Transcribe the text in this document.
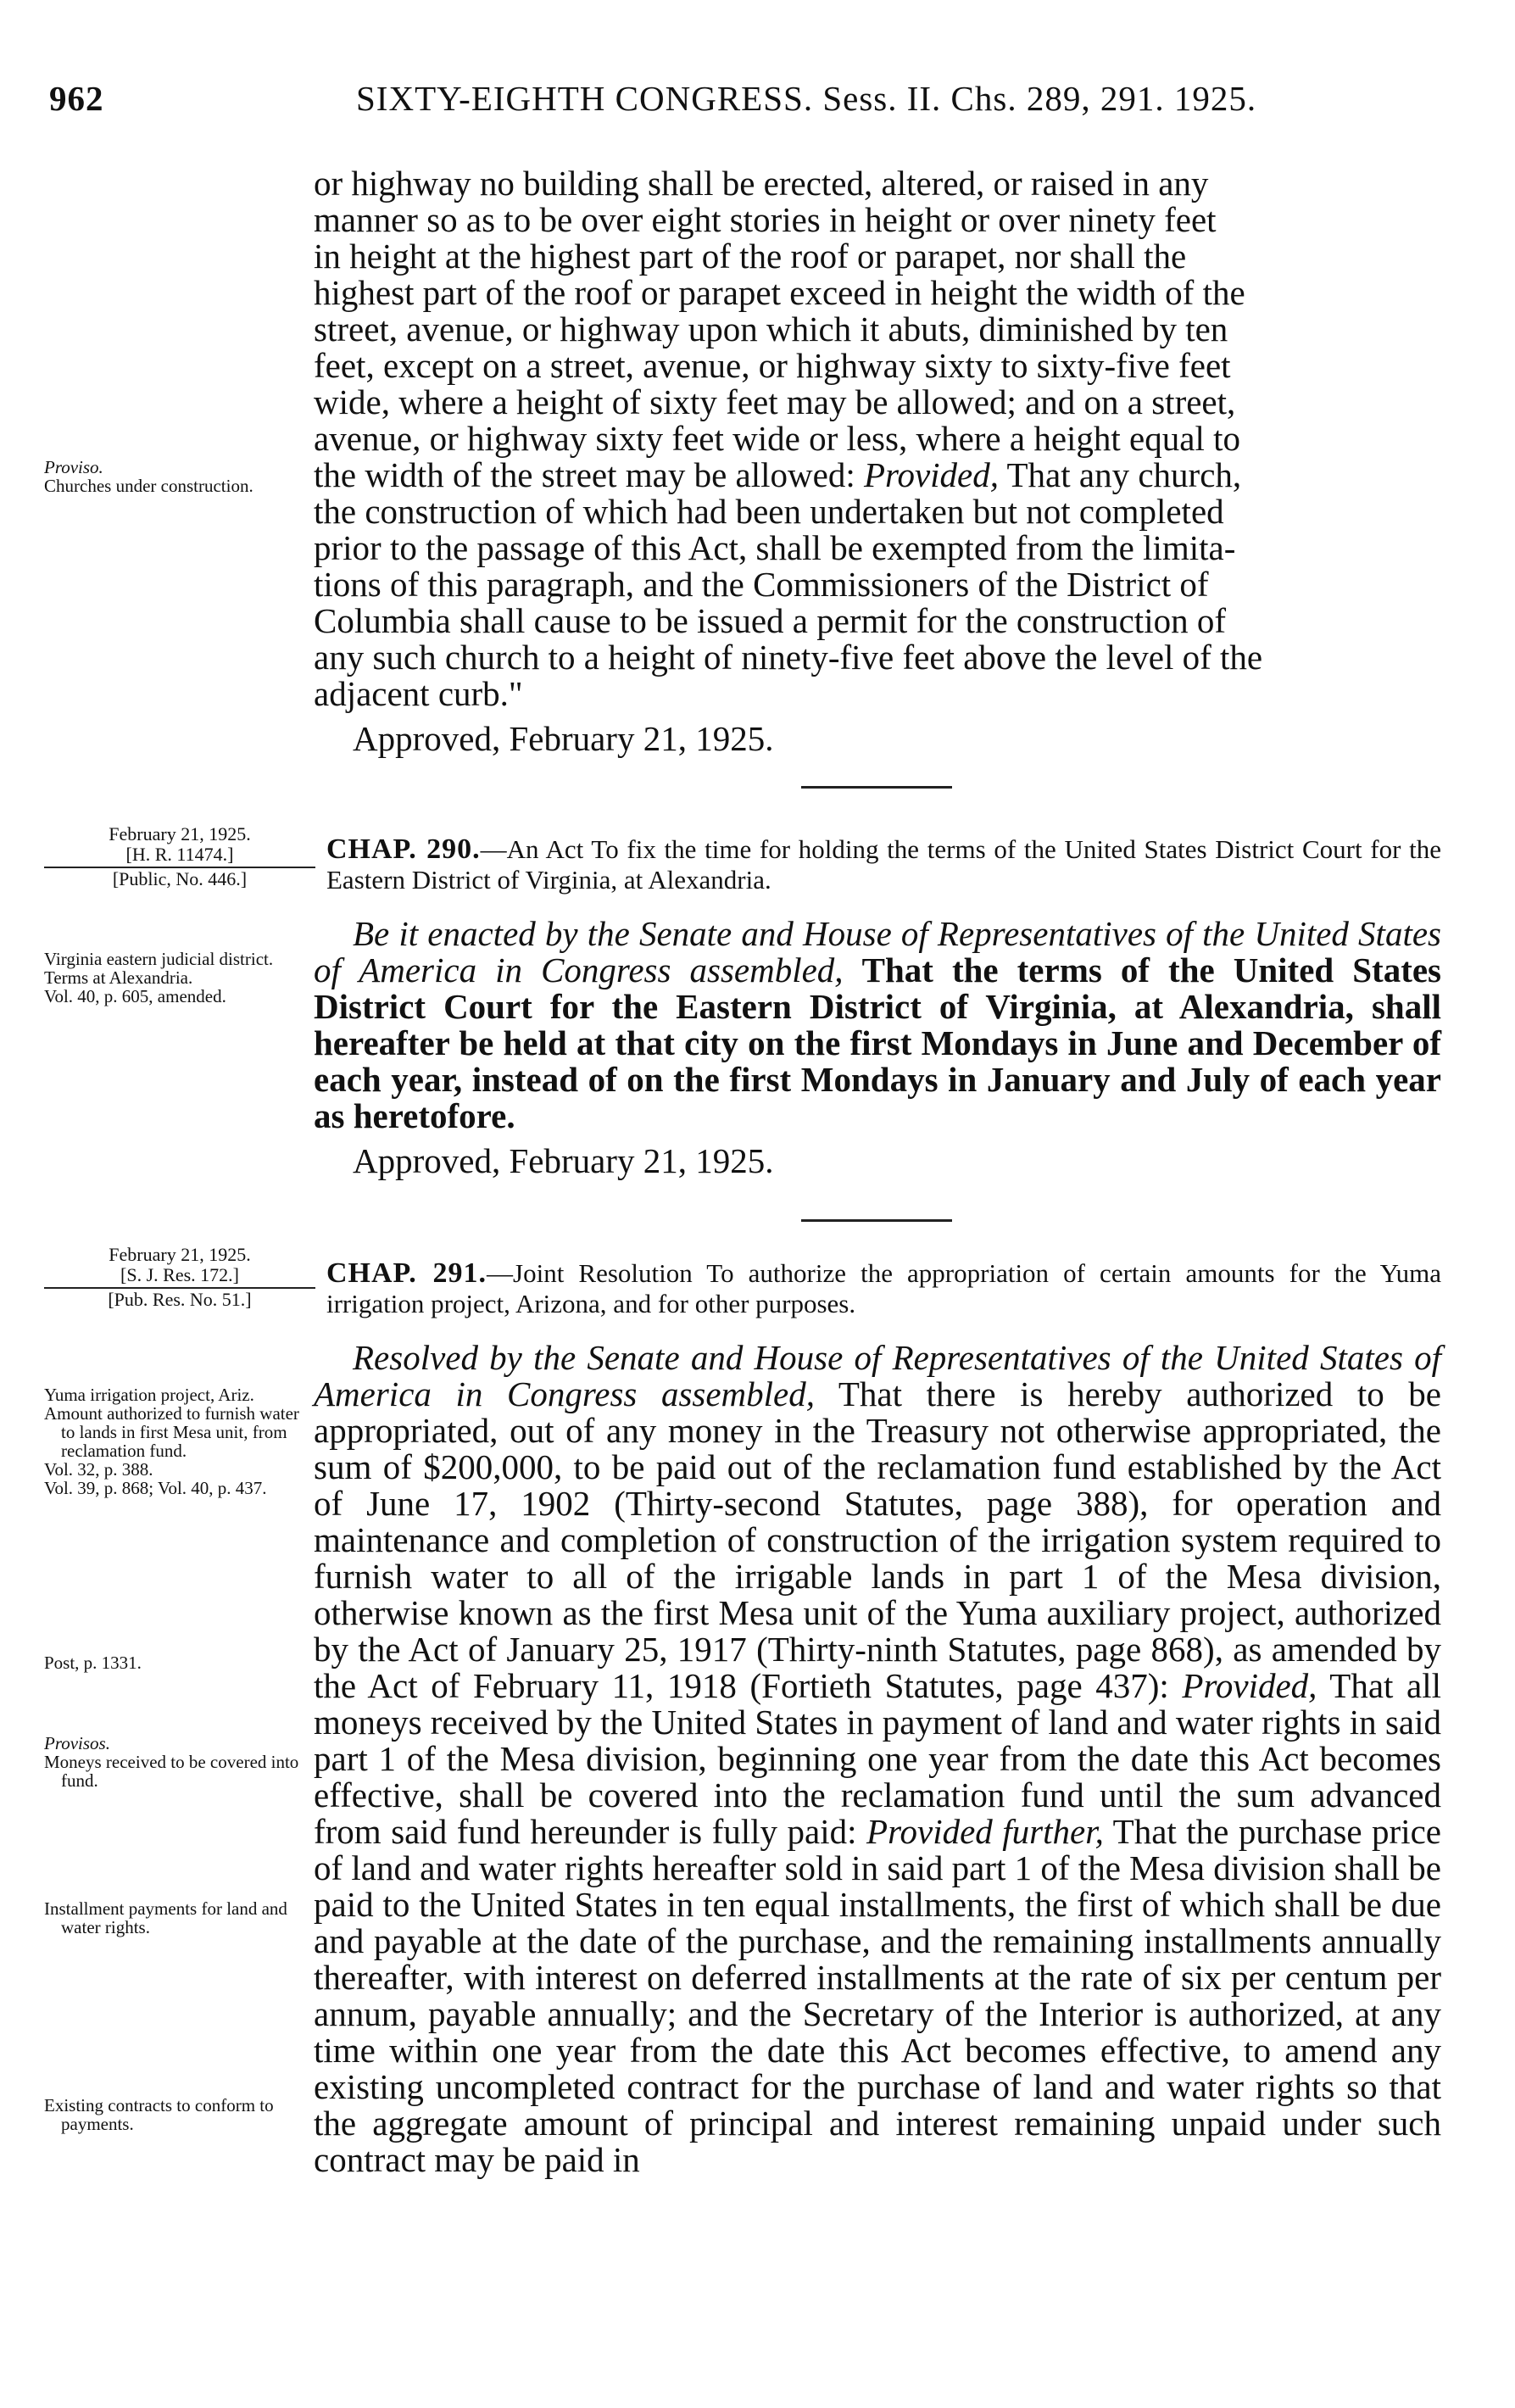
962	SIXTY-EIGHTH CONGRESS. Sess. II. Chs. 289, 291. 1925.

or highway no building shall be erected, altered, or raised in any

manner so as to be over eight stories in height or over ninety feet

in height at the highest part of the roof or parapet, nor shall the

highest part of the roof or parapet exceed in height the width of the

street, avenue, or highway upon which it abuts, diminished by ten

feet, except on a street, avenue, or highway sixty to sixty-five feet

wide, where a height of sixty feet may be allowed; and on a street,

avenue, or highway sixty feet wide or less, where a height equal to

the width of the street may be allowed: Provided, That any church,

the construction of which had been undertaken but not completed

prior to the passage of this Act, shall be exempted from the limita-

tions of this paragraph, and the Commissioners of the District of

Columbia shall cause to be issued a permit for the construction of

any such church to a height of ninety-five feet above the level of the

adjacent curb."

Approved, February 21, 1925.

Proviso.
Churches under construction.
February 21, 1925.
[H. R. 11474.]
[Public, No. 446.]
CHAP. 290.—An Act To fix the time for holding the terms of the United States District Court for the Eastern District of Virginia, at Alexandria.

Be it enacted by the Senate and House of Representatives of the United States of America in Congress assembled, That the terms of the United States District Court for the Eastern District of Virginia, at Alexandria, shall hereafter be held at that city on the first Mondays in June and December of each year, instead of on the first Mondays in January and July of each year as heretofore.

Approved, February 21, 1925.

Virginia eastern judicial district.
Terms at Alexandria.
Vol. 40, p. 605, amended.
February 21, 1925.
[S. J. Res. 172.]
[Pub. Res. No. 51.]
CHAP. 291.—Joint Resolution To authorize the appropriation of certain amounts for the Yuma irrigation project, Arizona, and for other purposes.

Resolved by the Senate and House of Representatives of the United States of America in Congress assembled, That there is hereby authorized to be appropriated, out of any money in the Treasury not otherwise appropriated, the sum of $200,000, to be paid out of the reclamation fund established by the Act of June 17, 1902 (Thirty-second Statutes, page 388), for operation and maintenance and completion of construction of the irrigation system required to furnish water to all of the irrigable lands in part 1 of the Mesa division, otherwise known as the first Mesa unit of the Yuma auxiliary project, authorized by the Act of January 25, 1917 (Thirty-ninth Statutes, page 868), as amended by the Act of February 11, 1918 (Fortieth Statutes, page 437): Provided, That all moneys received by the United States in payment of land and water rights in said part 1 of the Mesa division, beginning one year from the date this Act becomes effective, shall be covered into the reclamation fund until the sum advanced from said fund hereunder is fully paid: Provided further, That the purchase price of land and water rights hereafter sold in said part 1 of the Mesa division shall be paid to the United States in ten equal installments, the first of which shall be due and payable at the date of the purchase, and the remaining installments annually thereafter, with interest on deferred installments at the rate of six per centum per annum, payable annually; and the Secretary of the Interior is authorized, at any time within one year from the date this Act becomes effective, to amend any existing uncompleted contract for the purchase of land and water rights so that the aggregate amount of principal and interest remaining unpaid under such contract may be paid in

Yuma irrigation project, Ariz.
Amount authorized to furnish water to lands in first Mesa unit, from reclamation fund.
Vol. 32, p. 388.
Vol. 39, p. 868; Vol. 40, p. 437.
Post, p. 1331.
Provisos.
Moneys received to be covered into fund.
Installment payments for land and water rights.
Existing contracts to conform to payments.
